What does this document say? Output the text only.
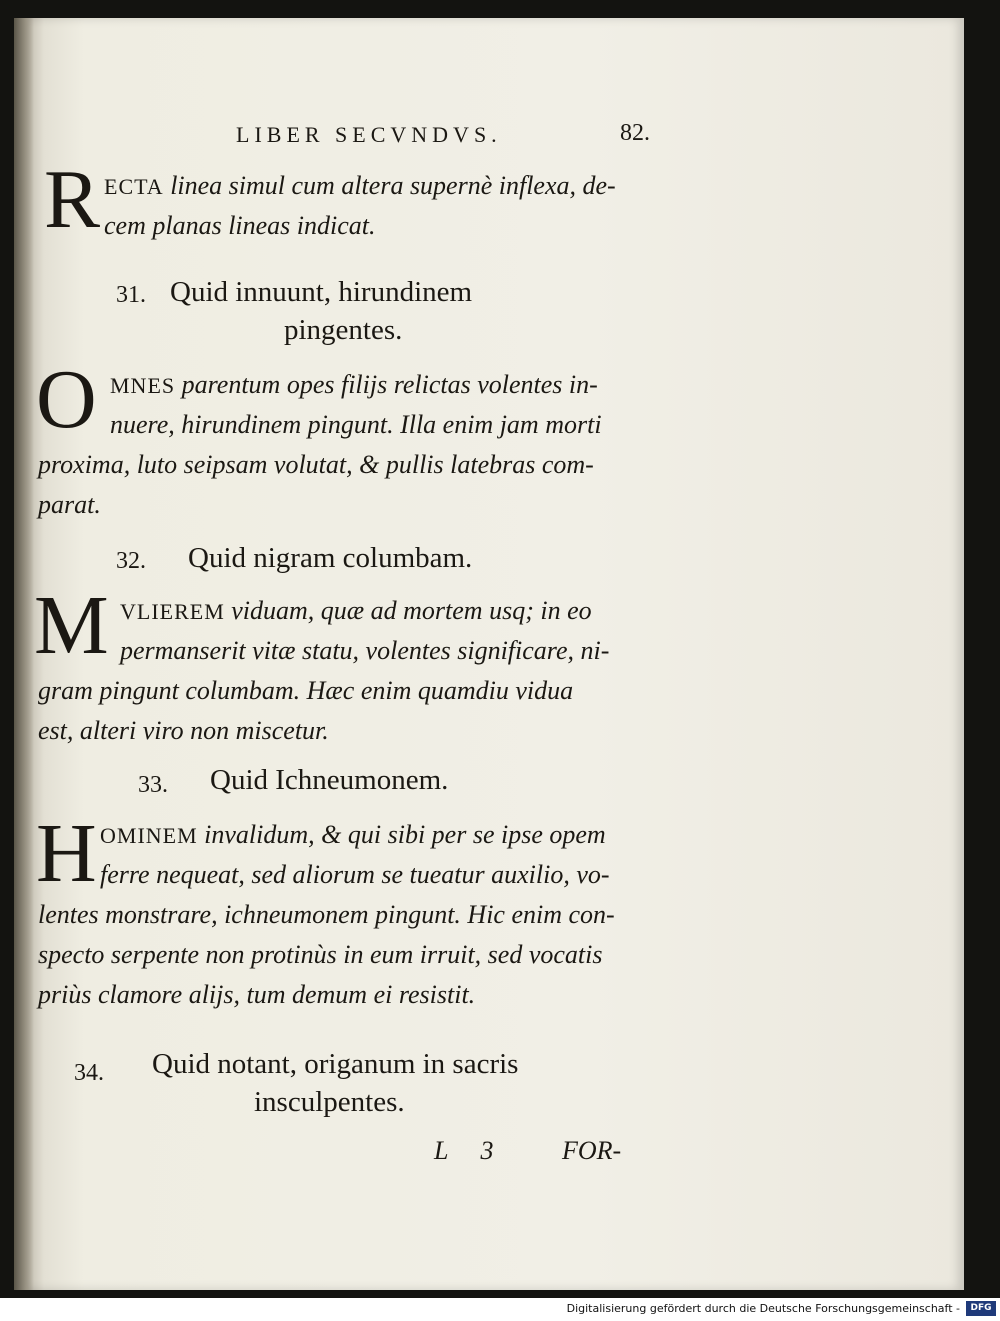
LIBER SECVNDVS.	82.
R ECTA linea simul cum altera supernè inflexa, de-
cem planas lineas indicat.
31. Quid innuunt, hirundinem
pingentes.
O MNES parentum opes filijs relictas volentes in-
nuere, hirundinem pingunt. Illa enim jam morti
proxima, luto seipsam volutat, & pullis latebras com-
parat.
32. Quid nigram columbam.
M VLIEREM viduam, quæ ad mortem usq; in eo
permanserit vitæ statu, volentes significare, ni-
gram pingunt columbam. Hæc enim quamdiu vidua
est, alteri viro non miscetur.
33. Quid Ichneumonem.
H OMINEM invalidum, & qui sibi per se ipse opem
ferre nequeat, sed aliorum se tueatur auxilio, vo-
lentes monstrare, ichneumonem pingunt. Hic enim con-
specto serpente non protinùs in eum irruit, sed vocatis
priùs clamore alijs, tum demum ei resistit.
34. Quid notant, origanum in sacris
insculpentes.
L 3	FOR-
Digitalisierung gefördert durch die Deutsche Forschungsgemeinschaft -	DFG
